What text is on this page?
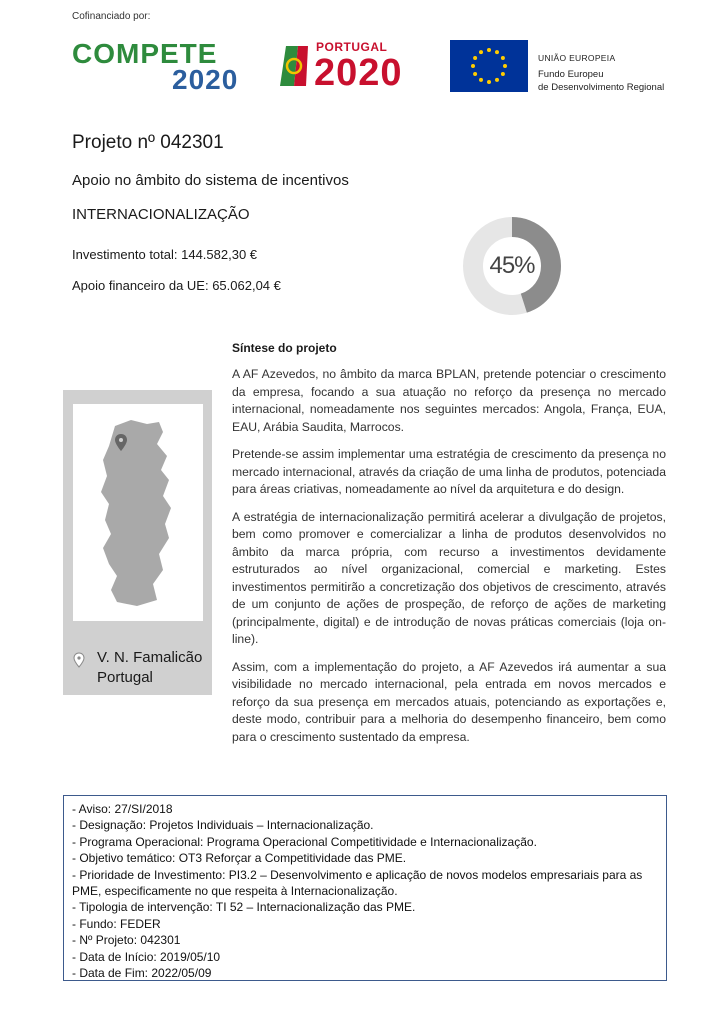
Cofinanciado por:
COMPETE
2020
PORTUGAL
2020	UNIÃO EUROPEIA
Fundo Europeu
de Desenvolvimento Regional
Projeto nº 042301
Apoio no âmbito do sistema de incentivos
INTERNACIONALIZAÇÃO
Investimento total: 144.582,30 €
Apoio financeiro da UE: 65.062,04 €
45%
V. N. Famalicão
Portugal
Síntese do projeto

A AF Azevedos, no âmbito da marca BPLAN, pretende potenciar o crescimento da empresa, focando a sua atuação no reforço da presença no mercado internacional, nomeadamente nos seguintes mercados: Angola, França, EUA, EAU, Arábia Saudita, Marrocos.

Pretende-se assim implementar uma estratégia de crescimento da presença no mercado internacional, através da criação de uma linha de produtos, potenciada para áreas criativas, nomeadamente ao nível da arquitetura e do design.

A estratégia de internacionalização permitirá acelerar a divulgação de projetos, bem como promover e comercializar a linha de produtos desenvolvidos no âmbito da marca própria, com recurso a investimentos devidamente estruturados ao nível organizacional, comercial e marketing. Estes investimentos permitirão a concretização dos objetivos de crescimento, através de um conjunto de ações de prospeção, de reforço de ações de marketing (principalmente, digital) e de introdução de novas práticas comerciais (loja on-line).

Assim, com a implementação do projeto, a AF Azevedos irá aumentar a sua visibilidade no mercado internacional, pela entrada em novos mercados e reforço da sua presença em mercados atuais, potenciando as exportações e, deste modo, contribuir para a melhoria do desempenho financeiro, bem como para o crescimento sustentado da empresa.

- Aviso: 27/SI/2018
- Designação: Projetos Individuais – Internacionalização.
- Programa Operacional: Programa Operacional Competitividade e Internacionalização.
- Objetivo temático: OT3 Reforçar a Competitividade das PME.
- Prioridade de Investimento: PI3.2 – Desenvolvimento e aplicação de novos modelos empresariais para as PME, especificamente no que respeita à Internacionalização.
- Tipologia de intervenção: TI 52 – Internacionalização das PME.
- Fundo: FEDER
- Nº Projeto: 042301
- Data de Início: 2019/05/10
- Data de Fim: 2022/05/09
